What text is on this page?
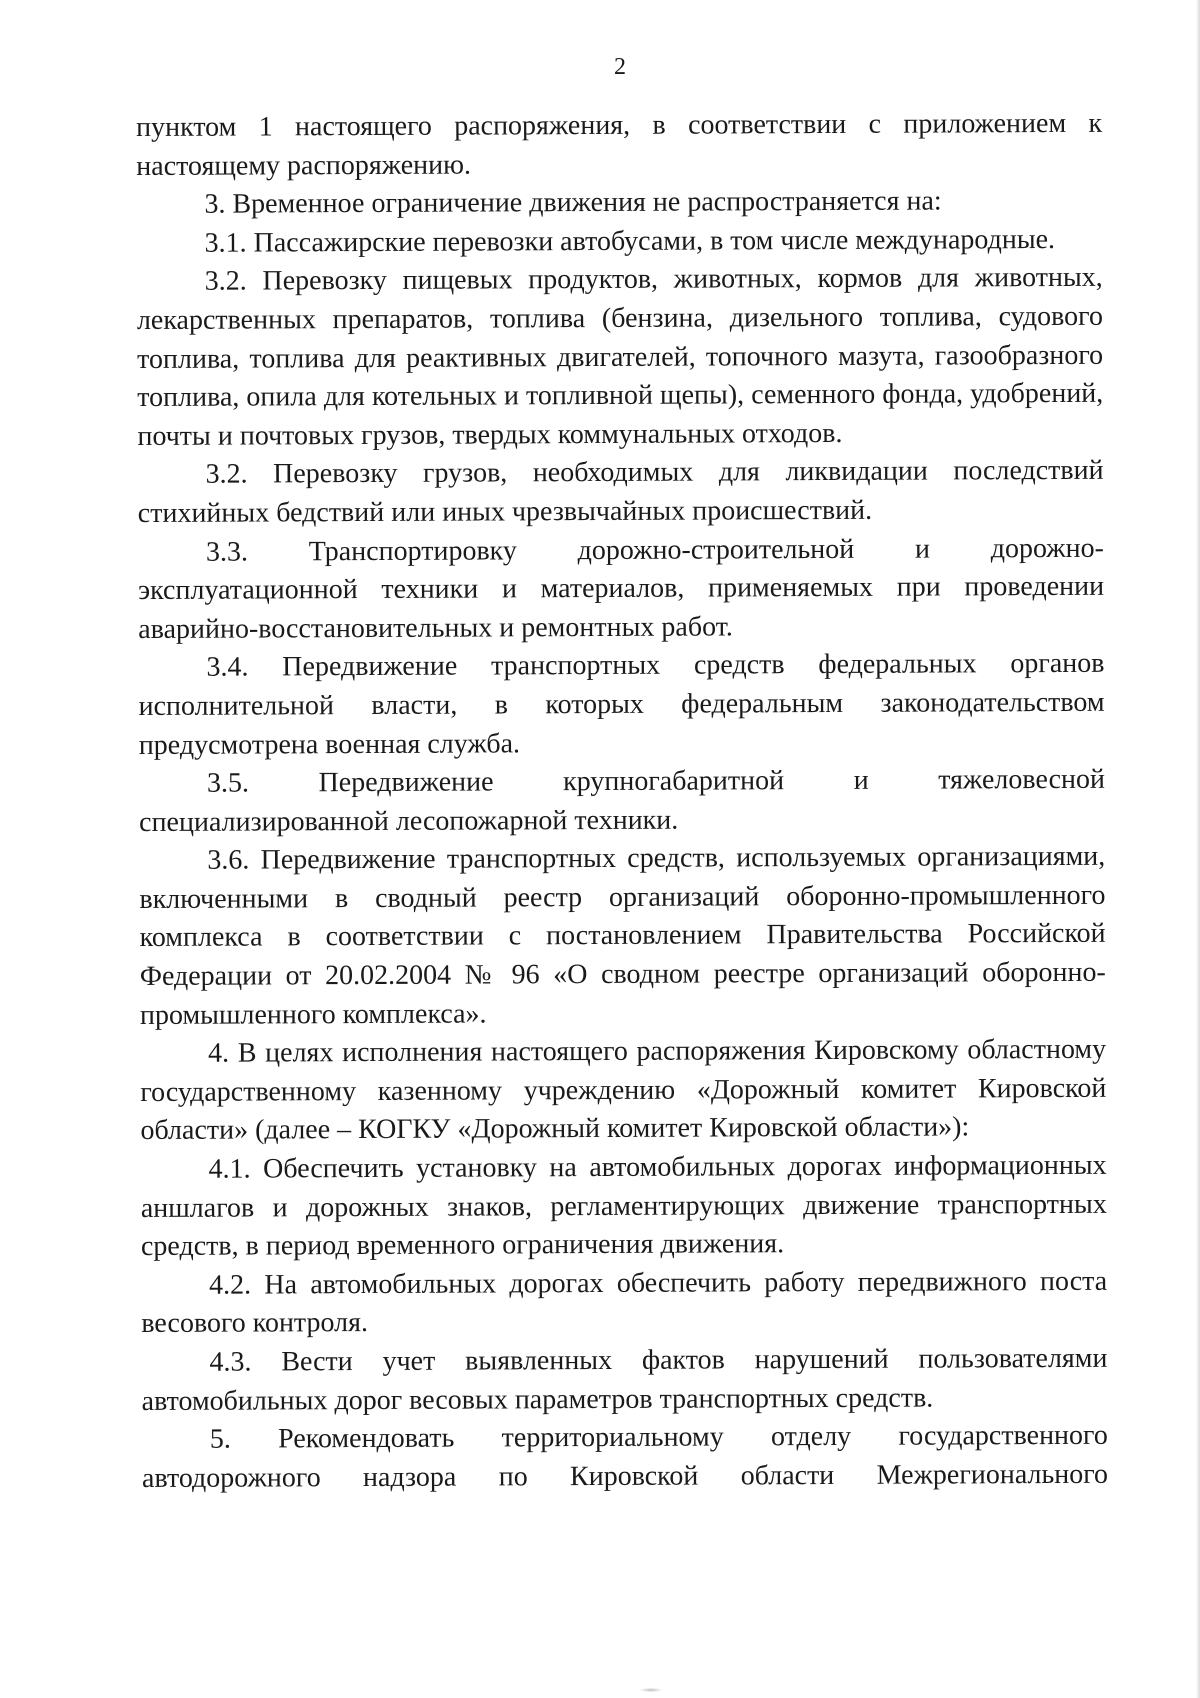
2

пунктом 1 настоящего распоряжения, в соответствии с приложением к настоящему распоряжению.

3. Временное ограничение движения не распространяется на:

3.1. Пассажирские перевозки автобусами, в том числе международные.

3.2. Перевозку пищевых продуктов, животных, кормов для животных, лекарственных препаратов, топлива (бензина, дизельного топлива, судового топлива, топлива для реактивных двигателей, топочного мазута, газообразного топлива, опила для котельных и топливной щепы), семенного фонда, удобрений, почты и почтовых грузов, твердых коммунальных отходов.

3.2. Перевозку грузов, необходимых для ликвидации последствий стихийных бедствий или иных чрезвычайных происшествий.

3.3. Транспортировку дорожно-строительной и дорожно-эксплуатационной техники и материалов, применяемых при проведении аварийно-восстановительных и ремонтных работ.

3.4. Передвижение транспортных средств федеральных органов исполнительной власти, в которых федеральным законодательством предусмотрена военная служба.

3.5. Передвижение крупногабаритной и тяжеловесной специализированной лесопожарной техники.

3.6. Передвижение транспортных средств, используемых организациями, включенными в сводный реестр организаций оборонно-промышленного комплекса в соответствии с постановлением Правительства Российской Федерации от 20.02.2004 № 96 «О сводном реестре организаций оборонно-промышленного комплекса».

4. В целях исполнения настоящего распоряжения Кировскому областному государственному казенному учреждению «Дорожный комитет Кировской области» (далее – КОГКУ «Дорожный комитет Кировской области»):

4.1. Обеспечить установку на автомобильных дорогах информационных аншлагов и дорожных знаков, регламентирующих движение транспортных средств, в период временного ограничения движения.

4.2. На автомобильных дорогах обеспечить работу передвижного поста весового контроля.

4.3. Вести учет выявленных фактов нарушений пользователями автомобильных дорог весовых параметров транспортных средств.

5. Рекомендовать территориальному отделу государственного автодорожного надзора по Кировской области Межрегионального
